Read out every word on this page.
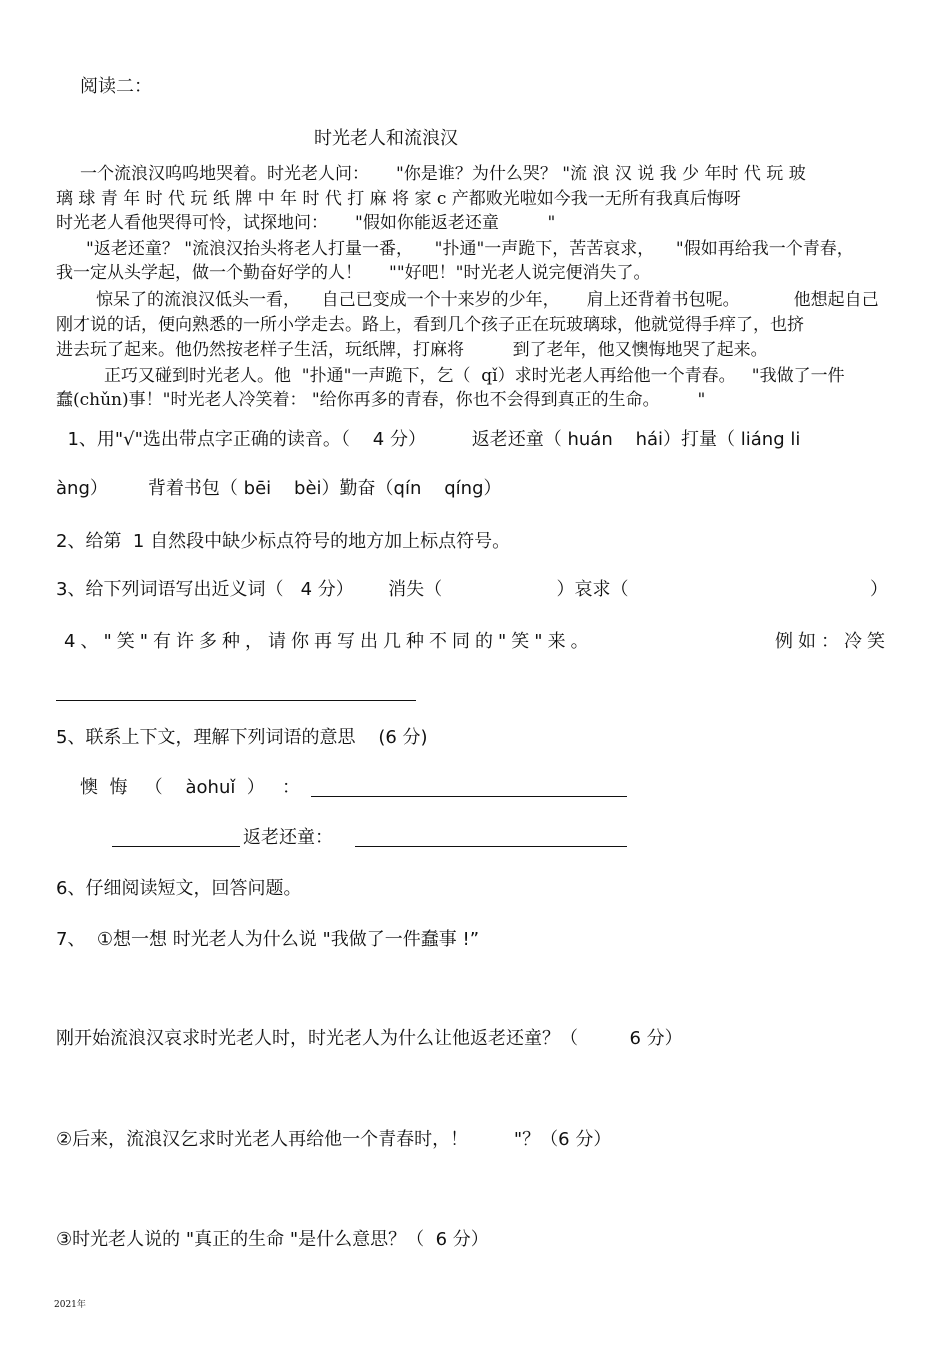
阅读二：
时光老人和流浪汉
一个流浪汉呜呜地哭着。时光老人问：     "你是谁？为什么哭？ "流 浪 汉 说 我 少 年时 代 玩 玻
璃 球 青 年 时 代 玩 纸 牌 中 年 时 代 打 麻 将 家 c 产都败光啦如今我一无所有我真后悔呀
时光老人看他哭得可怜，试探地问：     "假如你能返老还童         "
"返老还童？ "流浪汉抬头将老人打量一番，    "扑通"一声跪下，苦苦哀求，    "假如再给我一个青春，
我一定从头学起，做一个勤奋好学的人！     ""好吧！"时光老人说完便消失了。
惊呆了的流浪汉低头一看，    自己已变成一个十来岁的少年，     肩上还背着书包呢。          他想起自己
刚才说的话，便向熟悉的一所小学走去。路上，看到几个孩子正在玩玻璃球，他就觉得手痒了，也挤
进去玩了起来。他仍然按老样子生活，玩纸牌，打麻将         到了老年，他又懊悔地哭了起来。
正巧又碰到时光老人。他  "扑通"一声跪下，乞（  qǐ）求时光老人再给他一个青春。   "我做了一件
蠢(chǔn)事！"时光老人冷笑着： "给你再多的青春，你也不会得到真正的生命。       "
1、用"√"选出带点字正确的读音。（    4 分）        返老还童（ huán    hái）打量（ liáng li
àng）       背着书包（ bēi    bèi）勤奋（qín    qíng）
2、给第  1 自然段中缺少标点符号的地方加上标点符号。
3、给下列词语写出近义词（   4 分）      消失（                    ）哀求（	）
4、"笑"有许多种，请你再写出几种不同的"笑"来。	例如：冷笑
5、联系上下文，理解下列词语的意思    (6 分)
懊  悔   （    àohuǐ  ）   ：
返老还童：
6、仔细阅读短文，回答问题。
7、  ①想一想 时光老人为什么说 "我做了一件蠢事 !”
刚开始流浪汉哀求时光老人时，时光老人为什么让他返老还童？（         6 分）
②后来，流浪汉乞求时光老人再给他一个青春时，！        "？（6 分）
③时光老人说的 "真正的生命 "是什么意思？（  6 分）
2021年
